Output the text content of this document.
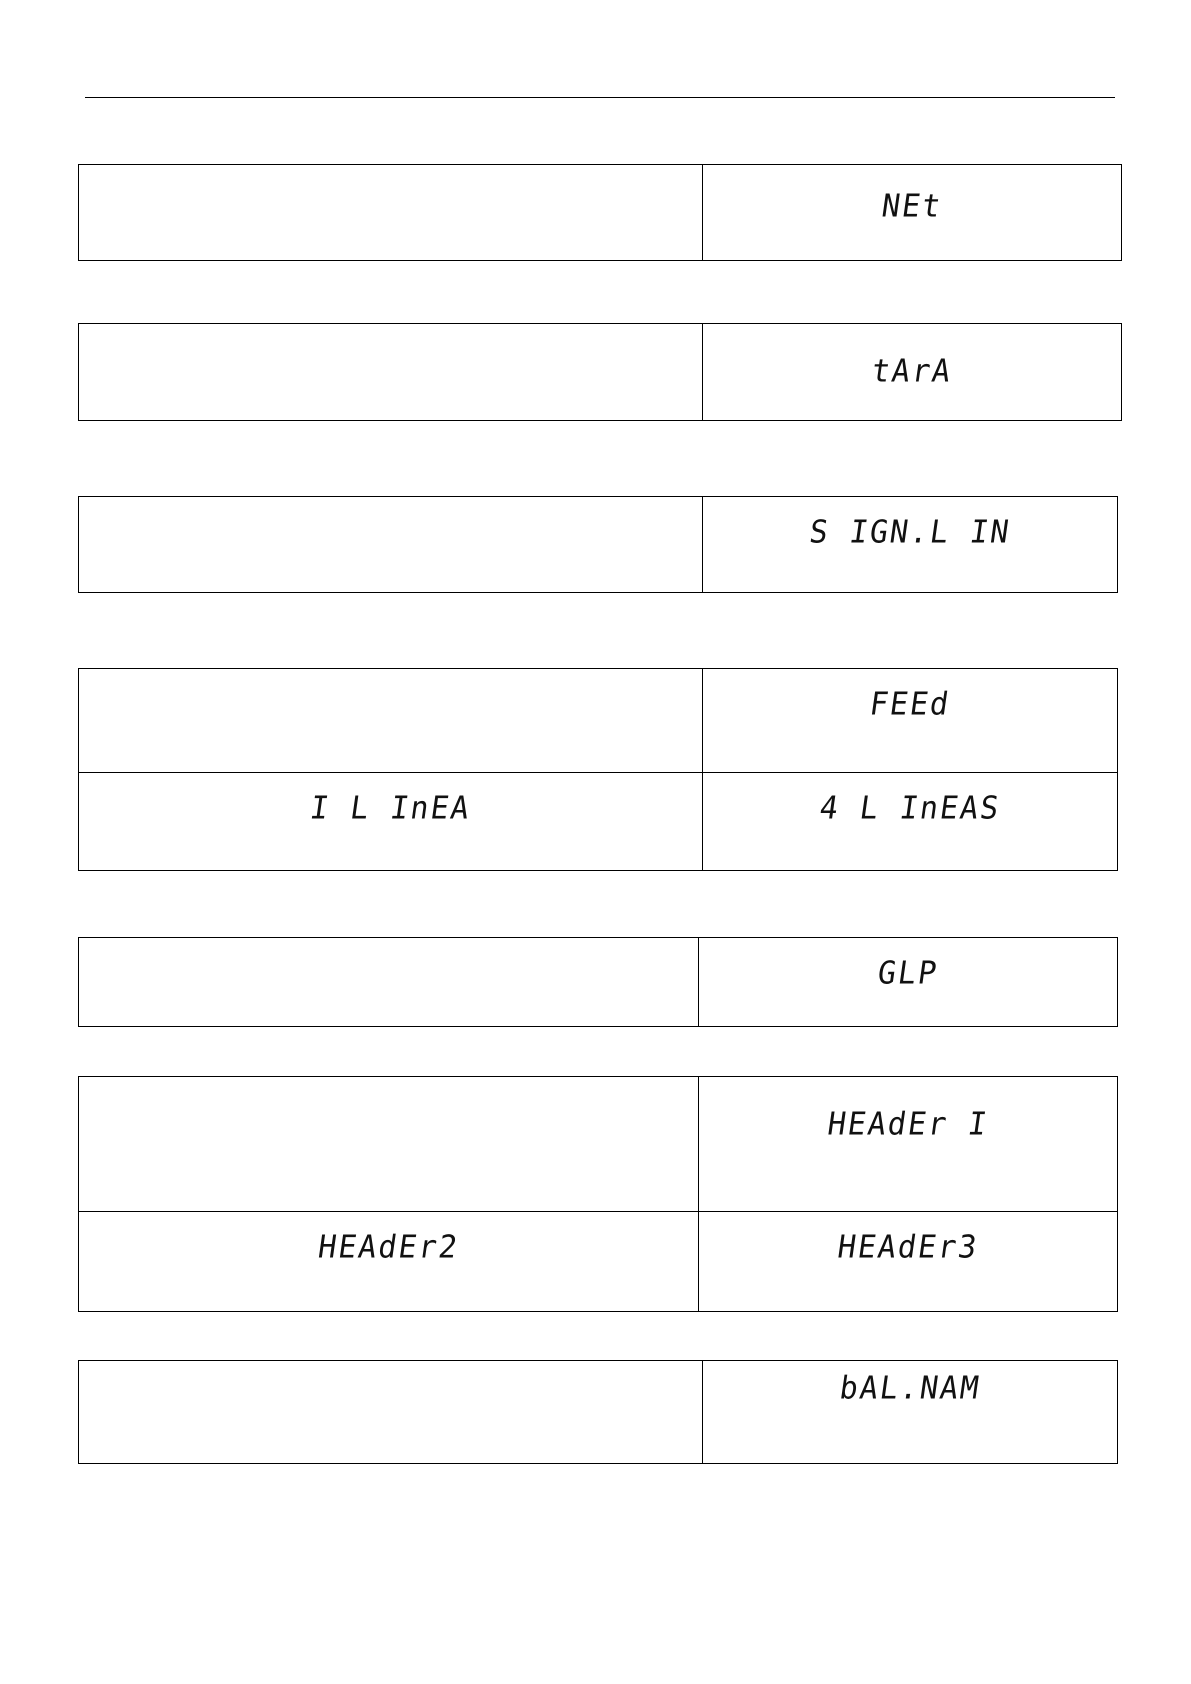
NEt
tArA
S IGN.L IN
FEEd
I L InEA	4 L InEAS
GLP
HEAdEr I
HEAdEr2	HEAdEr3
bAL.NAM
